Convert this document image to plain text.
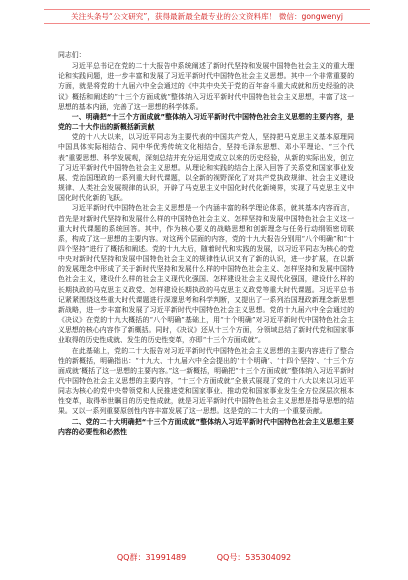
关注头条号“公文研究”，获得最新最全最专业的公文资料库！ 微信：gongwenyj

同志们：

习近平总书记在党的二十大报告中系统阐述了新时代坚持和发展中国特色社会主义的重大理论和实践问题，进一步丰富和发展了习近平新时代中国特色社会主义思想。其中一个非常重要的方面，就是将党的十九届六中全会通过的《中共中央关于党的百年奋斗重大成就和历史经验的决议》概括和阐述的“十三个方面成就”整体纳入习近平新时代中国特色社会主义思想，丰富了这一思想的基本内涵，完善了这一思想的科学体系。

一、明确把“十三个方面成就”整体纳入习近平新时代中国特色社会主义思想的主要内容，是党的二十大作出的新概括新贡献

党的十八大以来，以习近平同志为主要代表的中国共产党人，坚持把马克思主义基本原理同中国具体实际相结合、同中华优秀传统文化相结合，坚持毛泽东思想、邓小平理论、“三个代表”重要思想、科学发展观，深刻总结并充分运用党成立以来的历史经验，从新的实际出发，创立了习近平新时代中国特色社会主义思想。从理论和实践的结合上深入回答了关系党和国家事业发展、党治国理政的一系列重大时代课题，以全新的视野深化了对共产党执政规律、社会主义建设规律、人类社会发展规律的认识，开辟了马克思主义中国化时代化新境界，实现了马克思主义中国化时代化新的飞跃。

习近平新时代中国特色社会主义思想是一个内涵丰富的科学理论体系，就其基本内容而言，首先是对新时代坚持和发展什么样的中国特色社会主义、怎样坚持和发展中国特色社会主义这一重大时代课题的系统回答。其中，作为核心要义的战略思想和创新理念与任务行动纲领密切联系，构成了这一思想的主要内容。对这两个层面的内容，党的十九大报告分别用“八个明确”和“十四个坚持”进行了概括和阐述。党的十九大后，随着时代和实践的发展，以习近平同志为核心的党中央对新时代坚持和发展中国特色社会主义的规律性认识又有了新的认识，进一步扩展，在以新的发展理念中形成了关于新时代坚持和发展什么样的中国特色社会主义、怎样坚持和发展中国特色社会主义，建设什么样的社会主义现代化强国、怎样建设社会主义现代化强国，建设什么样的长期执政的马克思主义政党、怎样建设长期执政的马克思主义政党等重大时代课题。习近平总书记紧紧围绕这些重大时代课题进行深邃思考和科学判断，又提出了一系列治国理政新理念新思想新战略，进一步丰富和发展了习近平新时代中国特色社会主义思想。党的十九届六中全会通过的《决议》在党的十九大概括的“八个明确”基础上，用“十个明确”对习近平新时代中国特色社会主义思想的核心内容作了新概括。同时，《决议》还从十三个方面，分领域总结了新时代党和国家事业取得的历史性成就、发生的历史性变革，亦即“十三个方面成就”。

在此基础上，党的二十大报告对习近平新时代中国特色社会主义思想的主要内容进行了整合性的新概括，明确指出：“十九大、十九届六中全会提出的‘十个明确’、‘十四个坚持’、‘十三个方面成就’概括了这一思想的主要内容。”这一新概括，明确把“十三个方面成就”整体纳入习近平新时代中国特色社会主义思想的主要内容，“十三个方面成就”全景式展现了党的十八大以来以习近平同志为核心的党中央带领党和人民推进党和国家事业、推动党和国家事业发生全方位深层次根本性变革，取得举世瞩目的历史性成就，就是习近平新时代中国特色社会主义思想是指导思想的结果。又以一系列重要原创性内容丰富发展了这一思想。这是党的二十大的一个重要贡献。

二、党的二十大明确把“十三个方面成就”整体纳入习近平新时代中国特色社会主义思想主要内容的必要性和必然性

QQ群：31991489	QQ号：535304092
